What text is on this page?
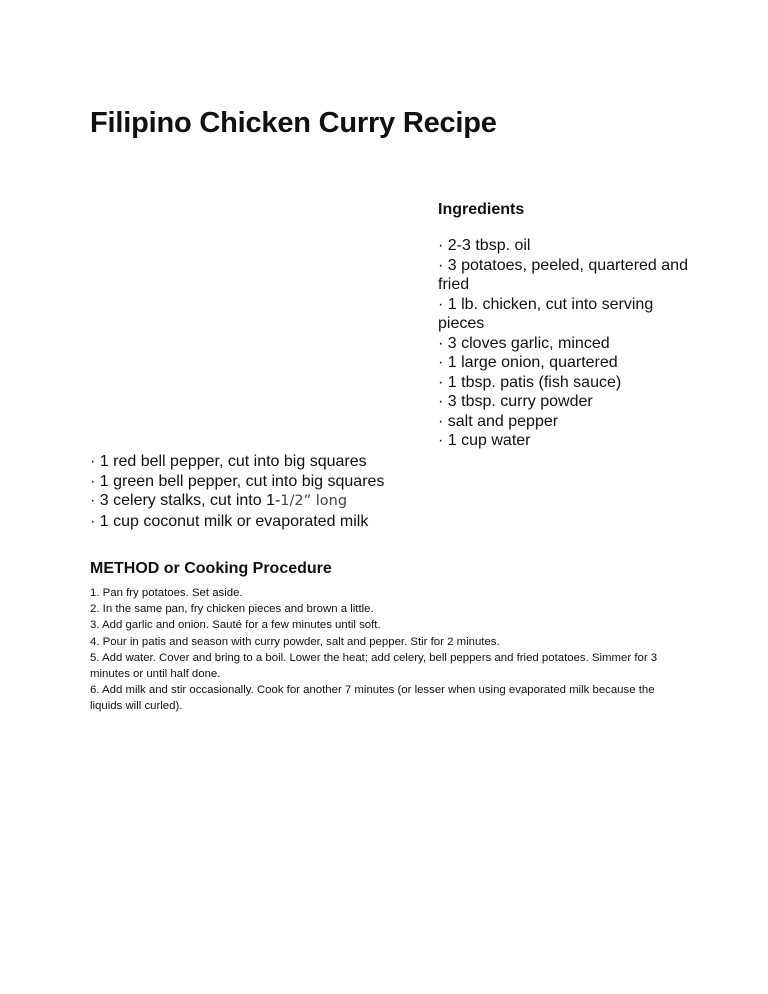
Filipino Chicken Curry Recipe
Ingredients
· 2-3 tbsp. oil
· 3 potatoes, peeled, quartered and fried
· 1 lb. chicken, cut into serving pieces
· 3 cloves garlic, minced
· 1 large onion, quartered
· 1 tbsp. patis (fish sauce)
· 3 tbsp. curry powder
· salt and pepper
· 1 cup water
· 1 red bell pepper, cut into big squares
· 1 green bell pepper, cut into big squares
· 3 celery stalks, cut into 1-1/2” long
· 1 cup coconut milk or evaporated milk
METHOD or Cooking Procedure
1. Pan fry potatoes. Set aside.
2. In the same pan, fry chicken pieces and brown a little.
3. Add garlic and onion. Sauté for a few minutes until soft.
4. Pour in patis and season with curry powder, salt and pepper. Stir for 2 minutes.
5. Add water. Cover and bring to a boil. Lower the heat; add celery, bell peppers and fried potatoes. Simmer for 3 minutes or until half done.
6. Add milk and stir occasionally. Cook for another 7 minutes (or lesser when using evaporated milk because the liquids will curled).
